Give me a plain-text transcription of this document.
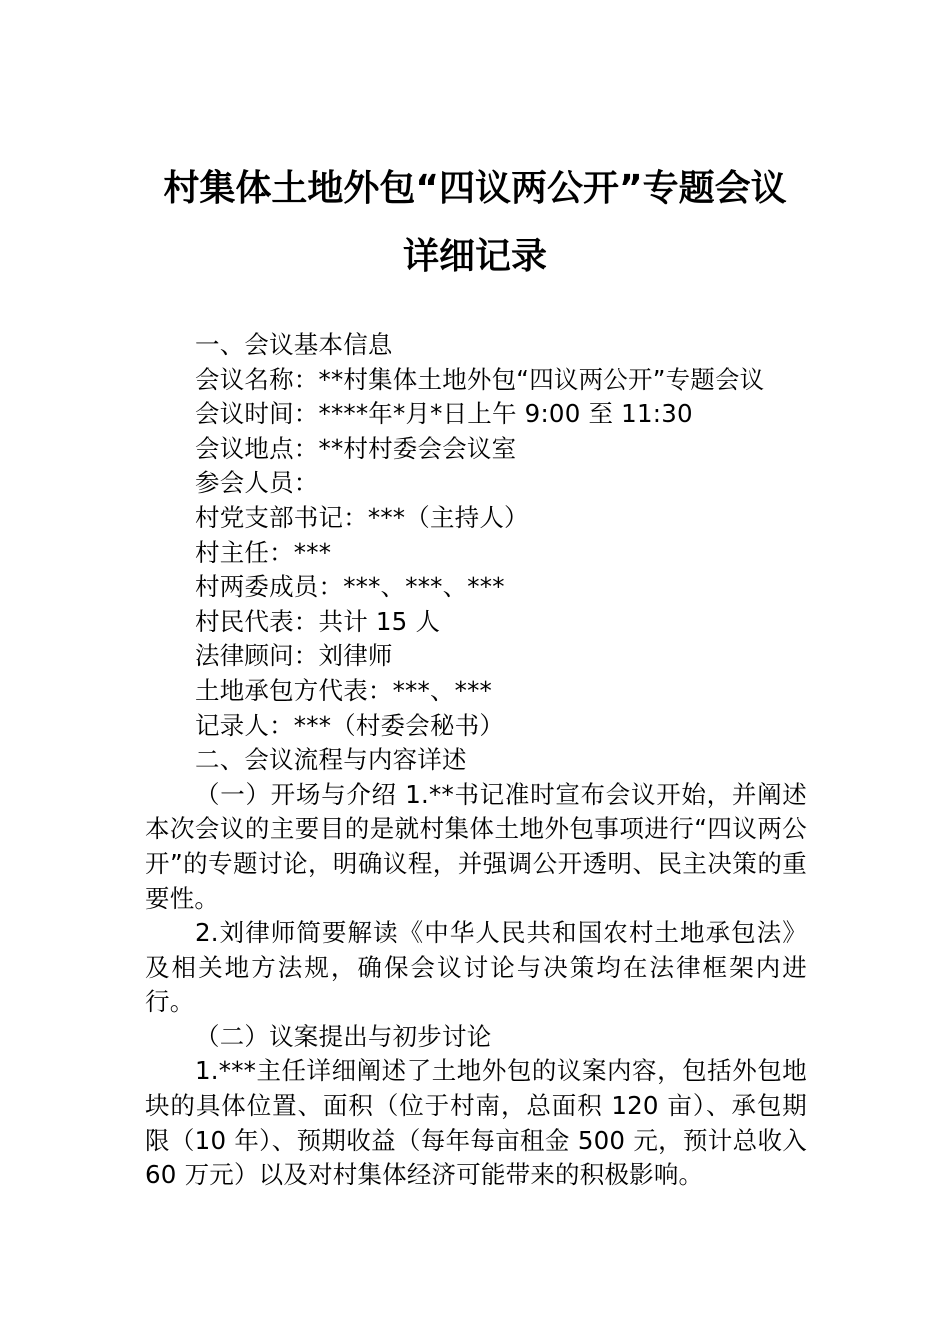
村集体土地外包“四议两公开”专题会议
详细记录

一、会议基本信息

会议名称：**村集体土地外包“四议两公开”专题会议

会议时间：****年*月*日上午 9:00 至 11:30

会议地点：**村村委会会议室

参会人员：

村党支部书记：***（主持人）

村主任：***

村两委成员：***、***、***

村民代表：共计 15 人

法律顾问：刘律师

土地承包方代表：***、***

记录人：***（村委会秘书）

二、会议流程与内容详述

（一）开场与介绍 1.**书记准时宣布会议开始，并阐述本次会议的主要目的是就村集体土地外包事项进行“四议两公开”的专题讨论，明确议程，并强调公开透明、民主决策的重要性。

2.刘律师简要解读《中华人民共和国农村土地承包法》及相关地方法规，确保会议讨论与决策均在法律框架内进行。

（二）议案提出与初步讨论

1.***主任详细阐述了土地外包的议案内容，包括外包地块的具体位置、面积（位于村南，总面积 120 亩）、承包期限（10 年）、预期收益（每年每亩租金 500 元，预计总收入 60 万元）以及对村集体经济可能带来的积极影响。
